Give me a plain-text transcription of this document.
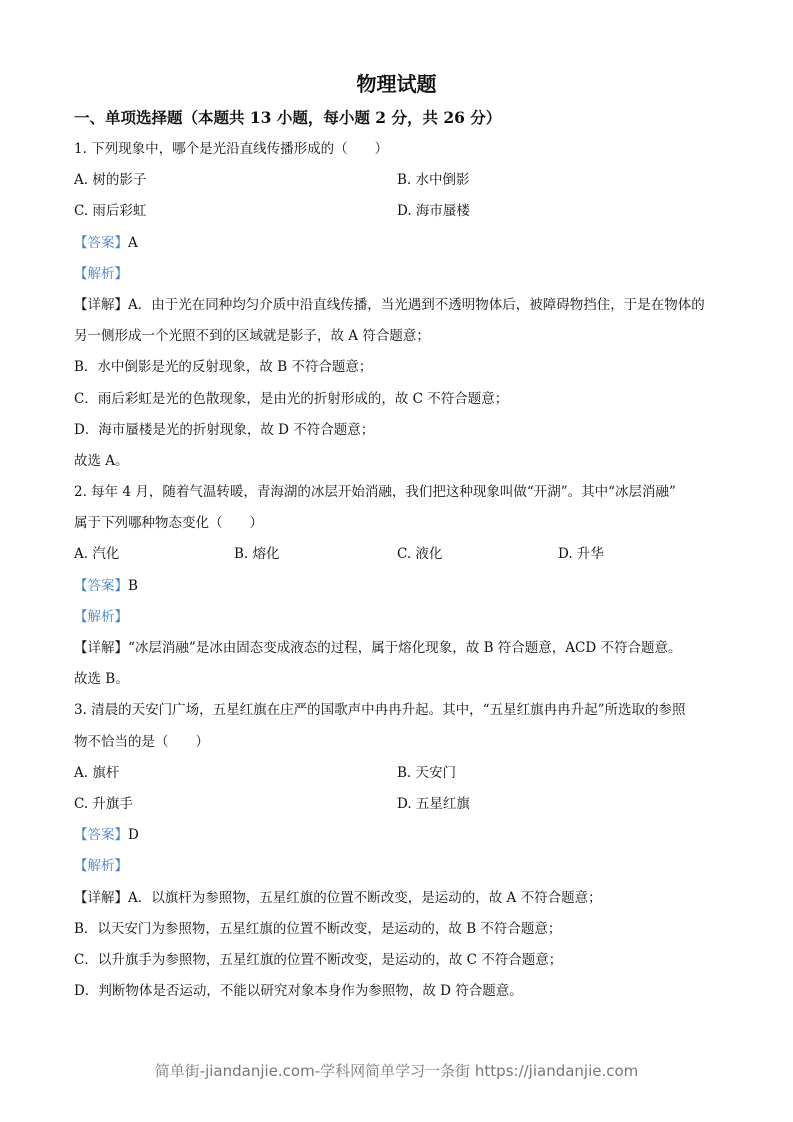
物理试题
一、单项选择题（本题共 13 小题，每小题 2 分，共 26 分）
1. 下列现象中，哪个是光沿直线传播形成的（　　）
A. 树的影子	B. 水中倒影
C. 雨后彩虹	D. 海市蜃楼
【答案】A
【解析】
【详解】A．由于光在同种均匀介质中沿直线传播，当光遇到不透明物体后，被障碍物挡住，于是在物体的
另一侧形成一个光照不到的区域就是影子，故 A 符合题意；
B．水中倒影是光的反射现象，故 B 不符合题意；
C．雨后彩虹是光的色散现象，是由光的折射形成的，故 C 不符合题意；
D．海市蜃楼是光的折射现象，故 D 不符合题意；
故选 A。
2. 每年 4 月，随着气温转暖，青海湖的冰层开始消融，我们把这种现象叫做“开湖”。其中“冰层消融”
属于下列哪种物态变化（　　）
A. 汽化	B. 熔化	C. 液化	D. 升华
【答案】B
【解析】
【详解】“冰层消融”是冰由固态变成液态的过程，属于熔化现象，故 B 符合题意，ACD 不符合题意。
故选 B。
3. 清晨的天安门广场，五星红旗在庄严的国歌声中冉冉升起。其中，“五星红旗冉冉升起”所选取的参照
物不恰当的是（　　）
A. 旗杆	B. 天安门
C. 升旗手	D. 五星红旗
【答案】D
【解析】
【详解】A．以旗杆为参照物，五星红旗的位置不断改变，是运动的，故 A 不符合题意；
B．以天安门为参照物，五星红旗的位置不断改变，是运动的，故 B 不符合题意；
C．以升旗手为参照物，五星红旗的位置不断改变，是运动的，故 C 不符合题意；
D．判断物体是否运动，不能以研究对象本身作为参照物，故 D 符合题意。
简单街-jiandanjie.com-学科网简单学习一条街 https://jiandanjie.com
